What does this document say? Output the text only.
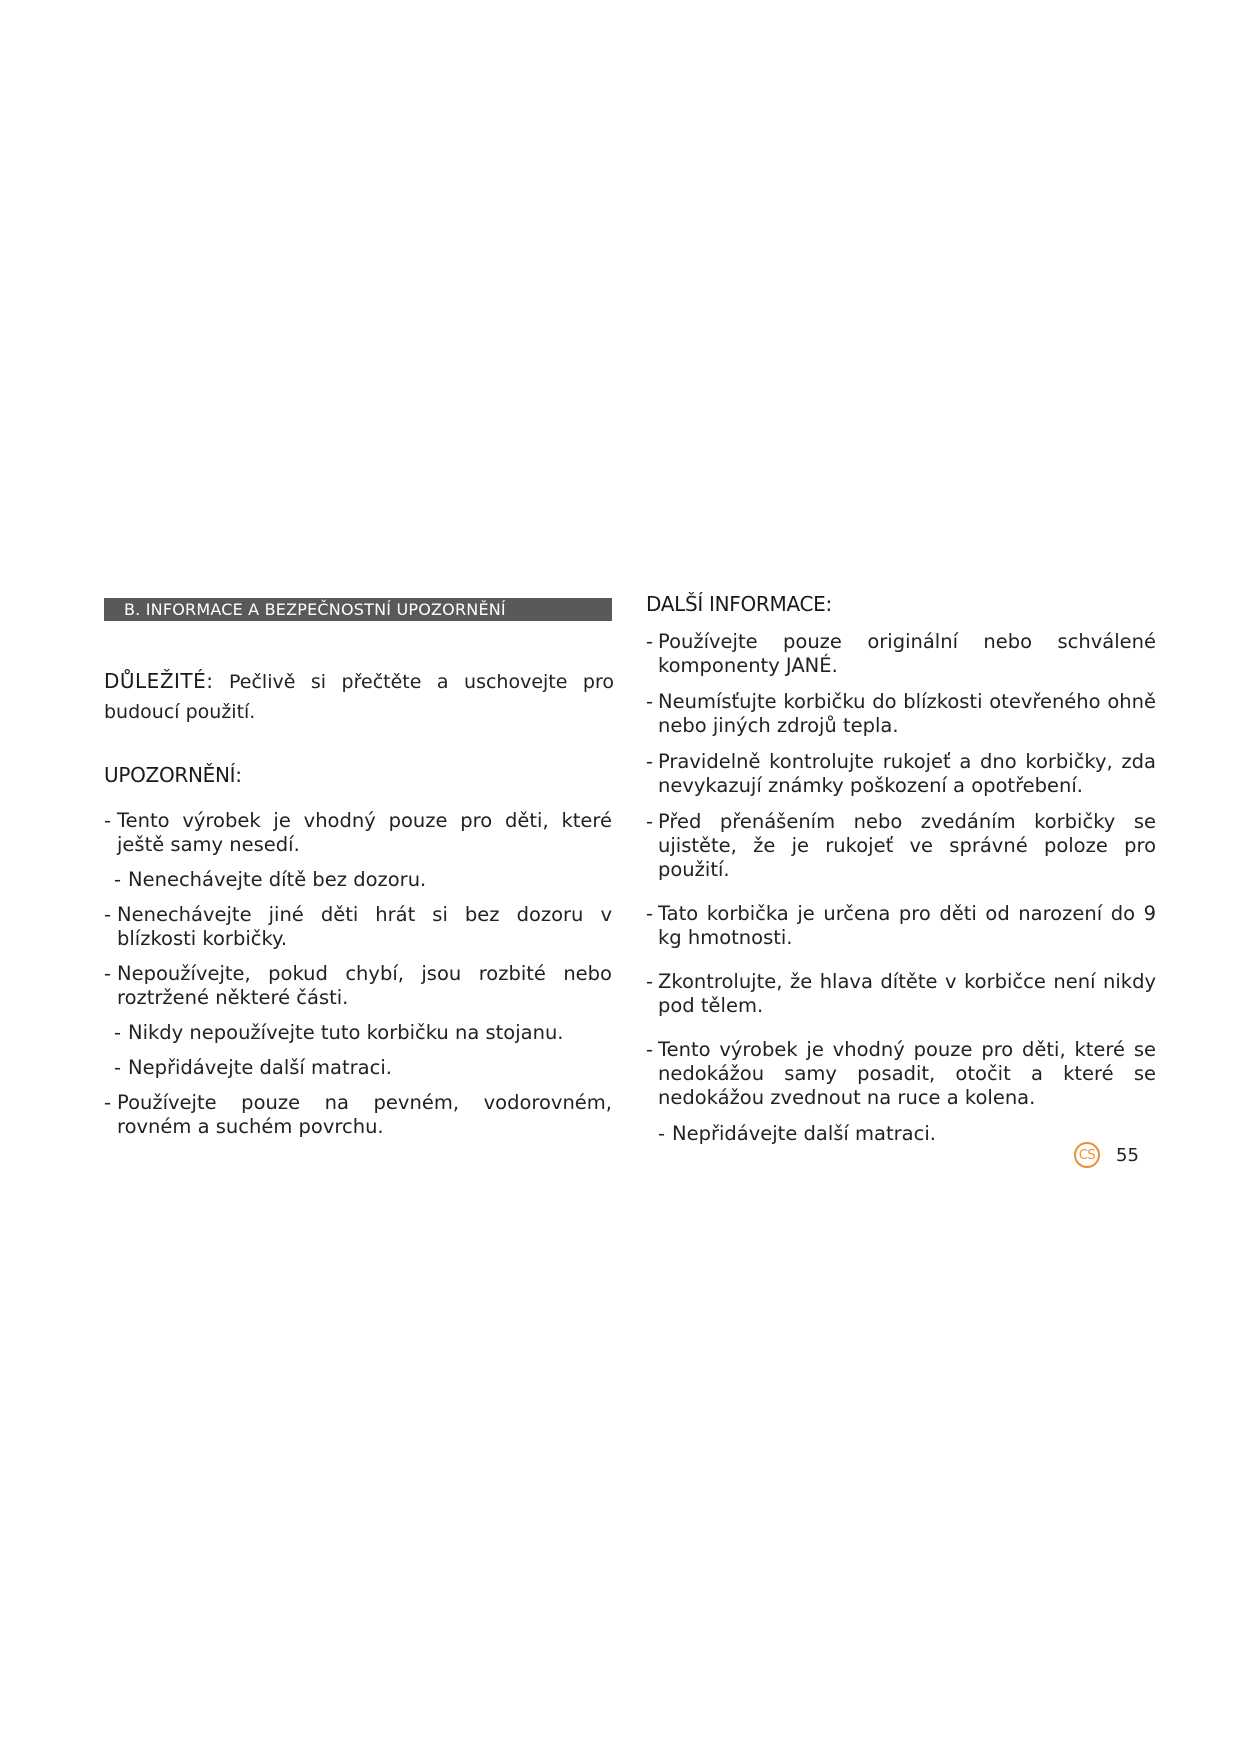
B. INFORMACE A BEZPEČNOSTNÍ UPOZORNĚNÍ

DŮLEŽITÉ: Pečlivě si přečtěte a uschovejte pro budoucí použití.

UPOZORNĚNÍ:
- Tento výrobek je vhodný pouze pro děti, které ještě samy nesedí.
- Nenechávejte dítě bez dozoru.
- Nenechávejte jiné děti hrát si bez dozoru v blízkosti korbičky.
- Nepoužívejte, pokud chybí, jsou rozbité nebo roztržené některé části.
- Nikdy nepoužívejte tuto korbičku na stojanu.
- Nepřidávejte další matraci.
- Používejte pouze na pevném, vodorovném, rovném a suchém povrchu.
DALŠÍ INFORMACE:
- Používejte pouze originální nebo schválené komponenty JANÉ.
- Neumísťujte korbičku do blízkosti otevřeného ohně nebo jiných zdrojů tepla.
- Pravidelně kontrolujte rukojeť a dno korbičky, zda nevykazují známky poškození a opotřebení.
- Před přenášením nebo zvedáním korbičky se ujistěte, že je rukojeť ve správné poloze pro použití.
- Tato korbička je určena pro děti od narození do 9 kg hmotnosti.
- Zkontrolujte, že hlava dítěte v korbičce není nikdy pod tělem.
- Tento výrobek je vhodný pouze pro děti, které se nedokážou samy posadit, otočit a které se nedokážou zvednout na ruce a kolena.
- Nepřidávejte další matraci.
CS 55
